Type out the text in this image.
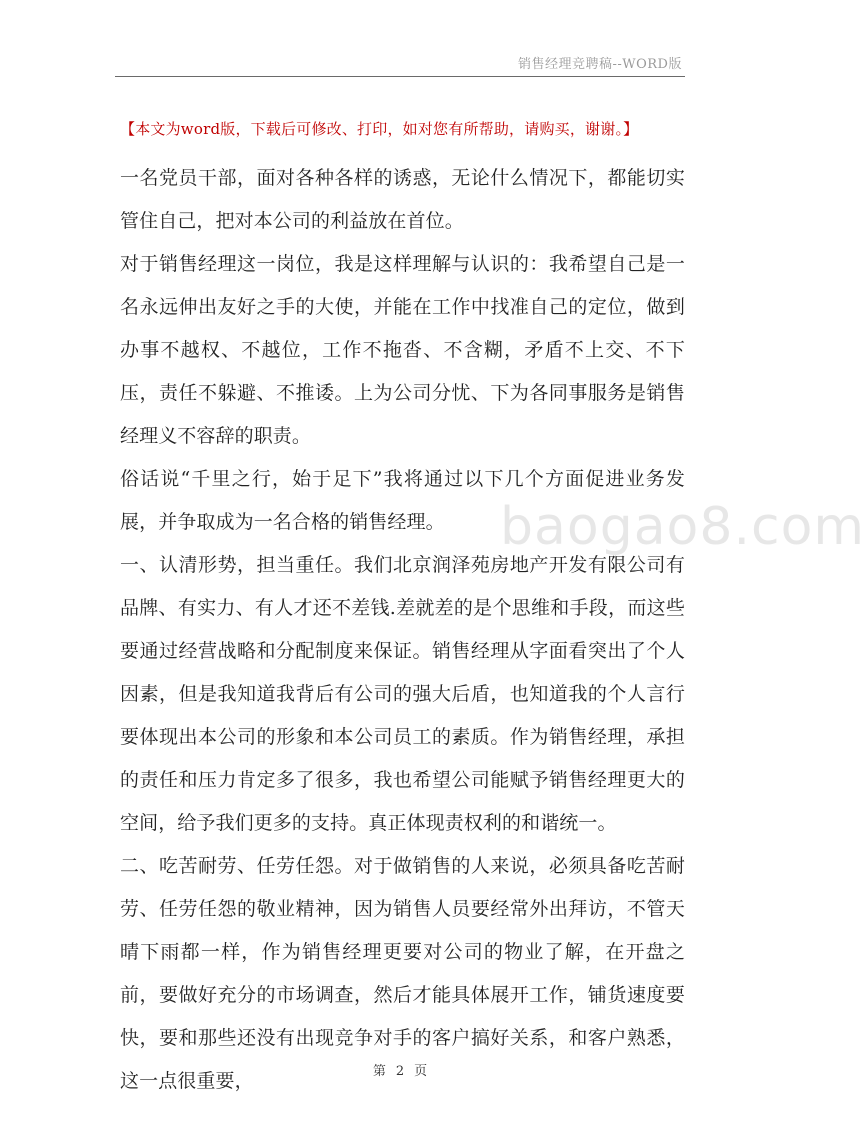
销售经理竞聘稿--WORD版
【本文为word版，下载后可修改、打印，如对您有所帮助，请购买，谢谢。】
baogao8.com

一名党员干部，面对各种各样的诱惑，无论什么情况下，都能切实管住自己，把对本公司的利益放在首位。

对于销售经理这一岗位，我是这样理解与认识的：我希望自己是一名永远伸出友好之手的大使，并能在工作中找准自己的定位，做到办事不越权、不越位，工作不拖沓、不含糊，矛盾不上交、不下压，责任不躲避、不推诿。上为公司分忧、下为各同事服务是销售经理义不容辞的职责。

俗话说“千里之行，始于足下”我将通过以下几个方面促进业务发展，并争取成为一名合格的销售经理。

一、认清形势，担当重任。我们北京润泽苑房地产开发有限公司有品牌、有实力、有人才还不差钱.差就差的是个思维和手段，而这些要通过经营战略和分配制度来保证。销售经理从字面看突出了个人因素，但是我知道我背后有公司的强大后盾，也知道我的个人言行要体现出本公司的形象和本公司员工的素质。作为销售经理，承担的责任和压力肯定多了很多，我也希望公司能赋予销售经理更大的空间，给予我们更多的支持。真正体现责权利的和谐统一。

二、吃苦耐劳、任劳任怨。对于做销售的人来说，必须具备吃苦耐劳、任劳任怨的敬业精神，因为销售人员要经常外出拜访，不管天晴下雨都一样，作为销售经理更要对公司的物业了解，在开盘之前，要做好充分的市场调查，然后才能具体展开工作，铺货速度要快，要和那些还没有出现竞争对手的客户搞好关系，和客户熟悉，这一点很重要，	第 2 页
